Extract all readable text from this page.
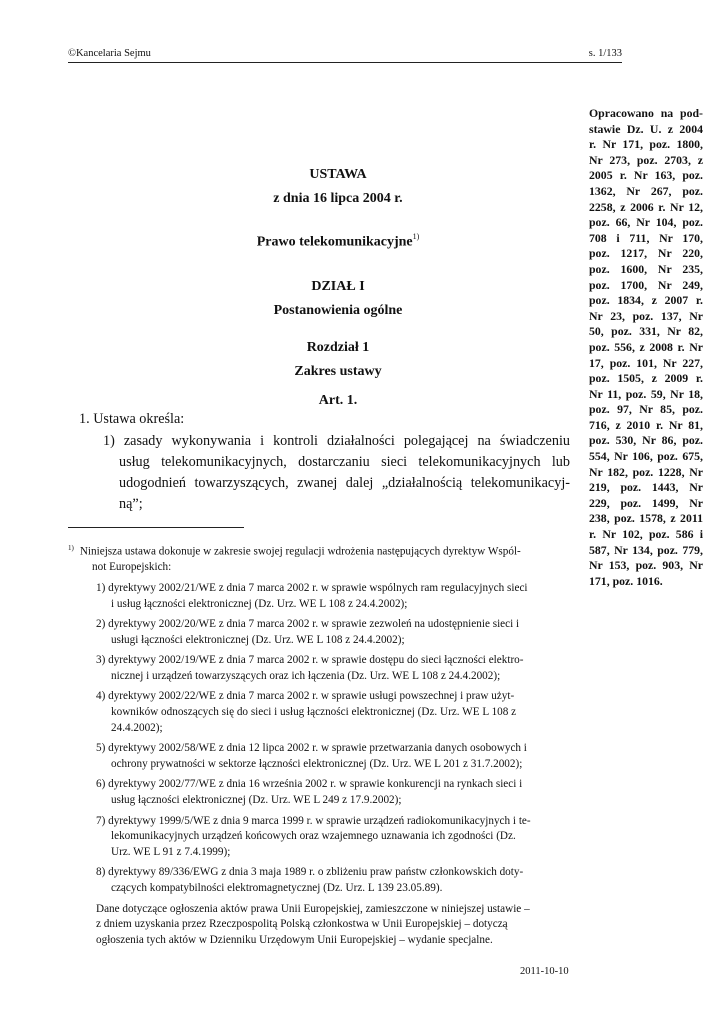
©Kancelaria Sejmu	s. 1/133
Opracowano na pod-
stawie Dz. U. z 2004
r. Nr 171, poz. 1800,
Nr 273, poz. 2703, z
2005 r. Nr 163, poz.
1362, Nr 267, poz.
2258, z 2006 r. Nr 12,
poz. 66, Nr 104, poz.
708 i 711, Nr 170,
poz. 1217, Nr 220,
poz. 1600, Nr 235,
poz. 1700, Nr 249,
poz. 1834, z 2007 r.
Nr 23, poz. 137, Nr
50, poz. 331, Nr 82,
poz. 556, z 2008 r. Nr
17, poz. 101, Nr 227,
poz. 1505, z 2009 r.
Nr 11, poz. 59, Nr 18,
poz. 97, Nr 85, poz.
716, z 2010 r. Nr 81,
poz. 530, Nr 86, poz.
554, Nr 106, poz. 675,
Nr 182, poz. 1228, Nr
219, poz. 1443, Nr
229, poz. 1499, Nr
238, poz. 1578, z 2011
r. Nr 102, poz. 586 i
587, Nr 134, poz. 779,
Nr 153, poz. 903, Nr
171, poz. 1016.
USTAWA
z dnia 16 lipca 2004 r.
Prawo telekomunikacyjne$^{1)}$
DZIAŁ I
Postanowienia ogólne
Rozdział 1
Zakres ustawy
Art. 1.
1. Ustawa określa:
1) zasady wykonywania i kontroli działalności polegającej na świadczeniu
usług telekomunikacyjnych, dostarczaniu sieci telekomunikacyjnych lub
udogodnień towarzyszących, zwanej dalej „działalnością telekomunikacyj-
ną”;
$^{1)}$ Niniejsza ustawa dokonuje w zakresie swojej regulacji wdrożenia następujących dyrektyw Wspól-
not Europejskich:
1) dyrektywy 2002/21/WE z dnia 7 marca 2002 r. w sprawie wspólnych ram regulacyjnych sieci
i usług łączności elektronicznej (Dz. Urz. WE L 108 z 24.4.2002);
2) dyrektywy 2002/20/WE z dnia 7 marca 2002 r. w sprawie zezwoleń na udostępnienie sieci i
usługi łączności elektronicznej (Dz. Urz. WE L 108 z 24.4.2002);
3) dyrektywy 2002/19/WE z dnia 7 marca 2002 r. w sprawie dostępu do sieci łączności elektro-
nicznej i urządzeń towarzyszących oraz ich łączenia (Dz. Urz. WE L 108 z 24.4.2002);
4) dyrektywy 2002/22/WE z dnia 7 marca 2002 r. w sprawie usługi powszechnej i praw użyt-
kowników odnoszących się do sieci i usług łączności elektronicznej (Dz. Urz. WE L 108 z
24.4.2002);
5) dyrektywy 2002/58/WE z dnia 12 lipca 2002 r. w sprawie przetwarzania danych osobowych i
ochrony prywatności w sektorze łączności elektronicznej (Dz. Urz. WE L 201 z 31.7.2002);
6) dyrektywy 2002/77/WE z dnia 16 września 2002 r. w sprawie konkurencji na rynkach sieci i
usług łączności elektronicznej (Dz. Urz. WE L 249 z 17.9.2002);
7) dyrektywy 1999/5/WE z dnia 9 marca 1999 r. w sprawie urządzeń radiokomunikacyjnych i te-
lekomunikacyjnych urządzeń końcowych oraz wzajemnego uznawania ich zgodności (Dz.
Urz. WE L 91 z 7.4.1999);
8) dyrektywy 89/336/EWG z dnia 3 maja 1989 r. o zbliżeniu praw państw członkowskich doty-
czących kompatybilności elektromagnetycznej (Dz. Urz. L 139 23.05.89).
Dane dotyczące ogłoszenia aktów prawa Unii Europejskiej, zamieszczone w niniejszej ustawie –
z dniem uzyskania przez Rzeczpospolitą Polską członkostwa w Unii Europejskiej – dotyczą
ogłoszenia tych aktów w Dzienniku Urzędowym Unii Europejskiej – wydanie specjalne.
2011-10-10
